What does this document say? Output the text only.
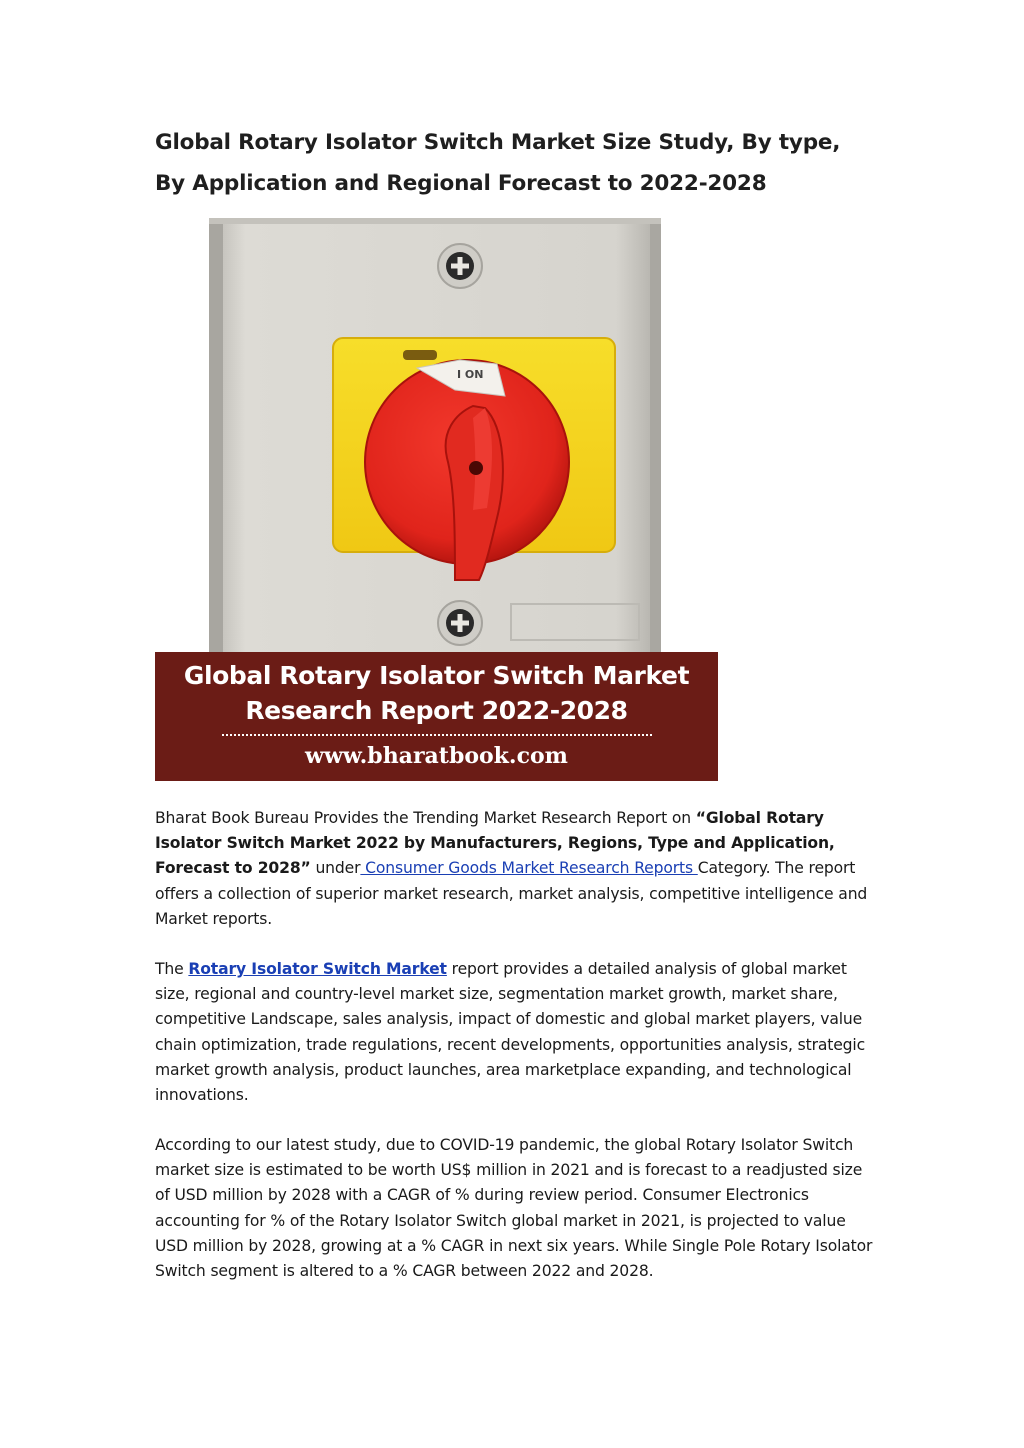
Global Rotary Isolator Switch Market Size Study, By type, By Application and Regional Forecast to 2022-2028
I ON
Global Rotary Isolator Switch Market
Research Report 2022-2028
www.bharatbook.com

Bharat Book Bureau Provides the Trending Market Research Report on “Global Rotary Isolator Switch Market 2022 by Manufacturers, Regions, Type and Application, Forecast to 2028” under Consumer Goods Market Research Reports Category. The report offers a collection of superior market research, market analysis, competitive intelligence and Market reports.

The Rotary Isolator Switch Market report provides a detailed analysis of global market size, regional and country-level market size, segmentation market growth, market share, competitive Landscape, sales analysis, impact of domestic and global market players, value chain optimization, trade regulations, recent developments, opportunities analysis, strategic market growth analysis, product launches, area marketplace expanding, and technological innovations.

According to our latest study, due to COVID-19 pandemic, the global Rotary Isolator Switch market size is estimated to be worth US$ million in 2021 and is forecast to a readjusted size of USD million by 2028 with a CAGR of % during review period. Consumer Electronics accounting for % of the Rotary Isolator Switch global market in 2021, is projected to value USD million by 2028, growing at a % CAGR in next six years. While Single Pole Rotary Isolator Switch segment is altered to a % CAGR between 2022 and 2028.
